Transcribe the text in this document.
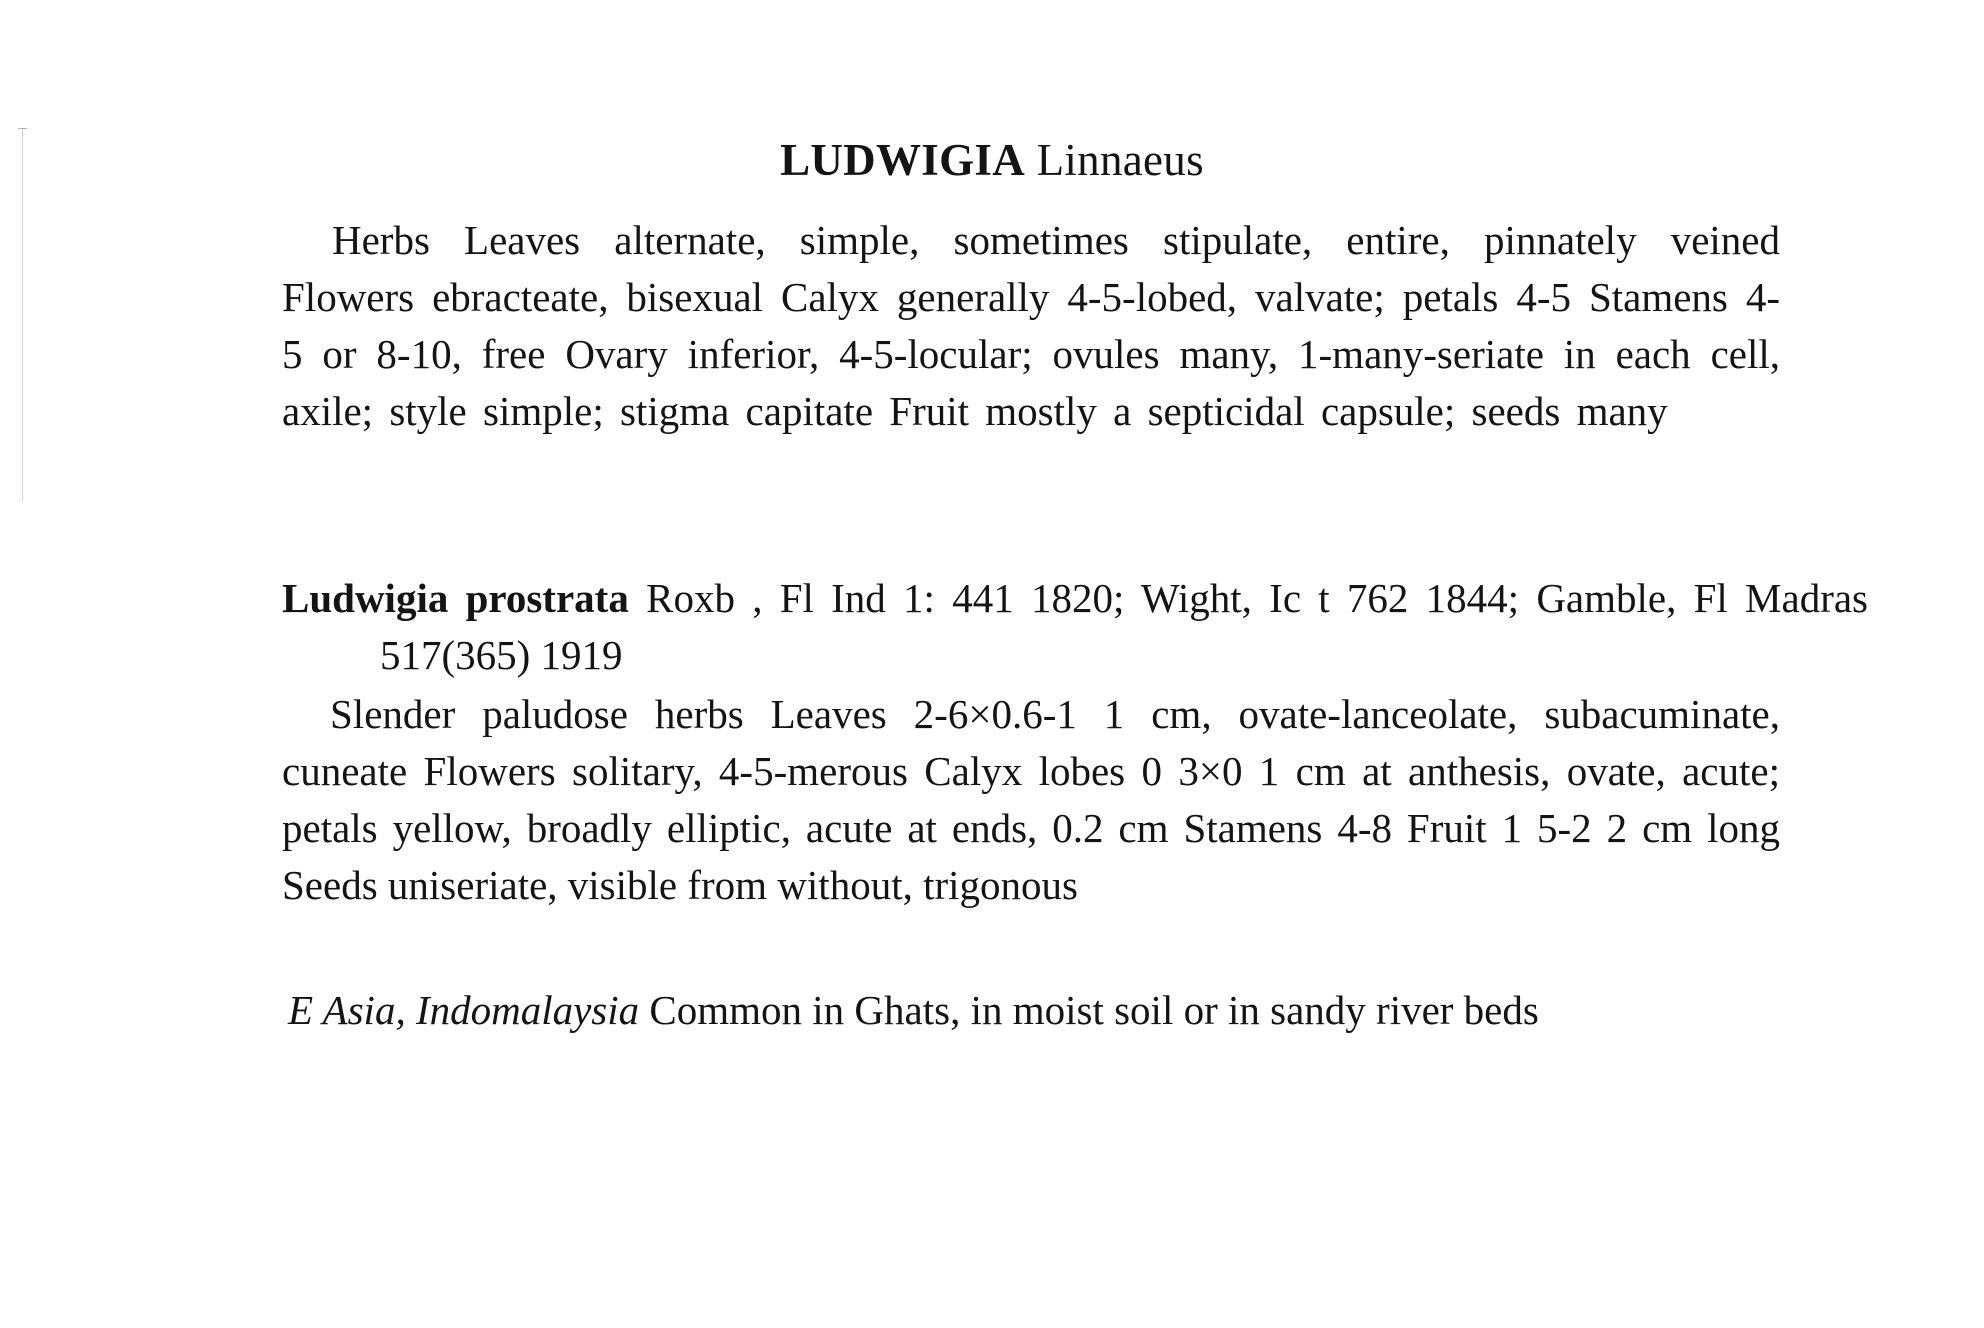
LUDWIGIA Linnaeus

Herbs Leaves alternate, simple, sometimes stipulate, entire, pinnately veined Flowers ebracteate, bisexual Calyx generally 4-5-lobed, valvate; petals 4-5 Stamens 4-5 or 8-10, free Ovary inferior, 4-5-locular; ovules many, 1-many-seriate in each cell, axile; style simple; stigma capitate Fruit mostly a septicidal capsule; seeds many

Ludwigia prostrata Roxb , Fl Ind 1: 441 1820; Wight, Ic t 762 1844; Gamble, Fl Madras 517(365) 1919

Slender paludose herbs Leaves 2-6×0.6-1 1 cm, ovate-lanceolate, subacuminate, cuneate Flowers solitary, 4-5-merous Calyx lobes 0 3×0 1 cm at anthesis, ovate, acute; petals yellow, broadly elliptic, acute at ends, 0.2 cm Stamens 4-8 Fruit 1 5-2 2 cm long Seeds uniseriate, visible from without, trigonous

E Asia, Indomalaysia Common in Ghats, in moist soil or in sandy river beds
